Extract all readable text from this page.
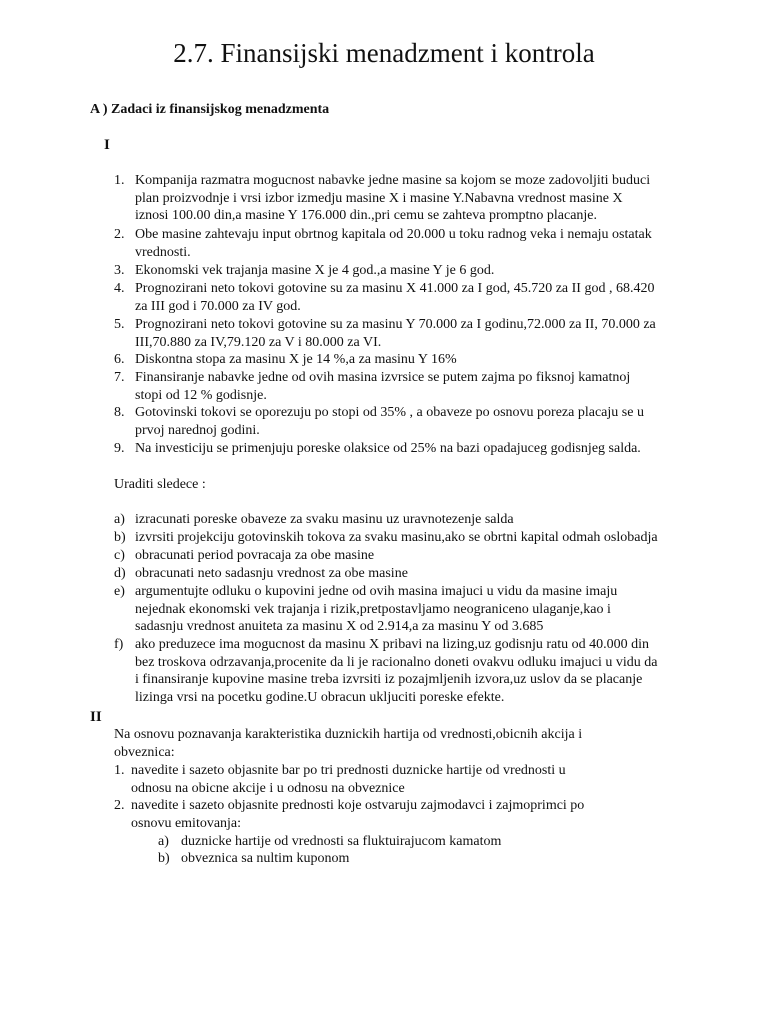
2.7. Finansijski menadzment i kontrola
A ) Zadaci iz finansijskog menadzmenta
I
1. Kompanija razmatra mogucnost nabavke jedne masine sa kojom se moze zadovoljiti buduci
plan proizvodnje i vrsi izbor izmedju masine X i masine Y.Nabavna vrednost masine X
iznosi 100.00 din,a masine Y 176.000 din.,pri cemu se zahteva promptno placanje.
2. Obe masine zahtevaju input obrtnog kapitala od 20.000 u toku radnog veka i nemaju ostatak
vrednosti.
3. Ekonomski vek trajanja masine X je 4 god.,a masine Y je 6 god.
4. Prognozirani neto tokovi gotovine su za masinu X 41.000 za I god, 45.720 za II god , 68.420
za III god i 70.000 za IV god.
5. Prognozirani neto tokovi gotovine su za masinu Y 70.000 za I godinu,72.000 za II, 70.000 za
III,70.880 za IV,79.120 za V i 80.000 za VI.
6. Diskontna stopa za masinu X je 14 %,a za masinu Y 16%
7. Finansiranje nabavke jedne od ovih masina izvrsice se putem zajma po fiksnoj kamatnoj
stopi od 12 % godisnje.
8. Gotovinski tokovi se oporezuju po stopi od 35% , a obaveze po osnovu poreza placaju se u
prvoj narednoj godini.
9. Na investiciju se primenjuju poreske olaksice od 25% na bazi opadajuceg godisnjeg salda.
Uraditi sledece :
a) izracunati poreske obaveze za svaku masinu uz uravnotezenje salda
b) izvrsiti projekciju gotovinskih tokova za svaku masinu,ako se obrtni kapital odmah oslobadja
c) obracunati period povracaja za obe masine
d) obracunati neto sadasnju vrednost za obe masine
e) argumentujte odluku o kupovini jedne od ovih masina imajuci u vidu da masine imaju
nejednak ekonomski vek trajanja i rizik,pretpostavljamo neograniceno ulaganje,kao i
sadasnju vrednost anuiteta za masinu X od 2.914,a za masinu Y od 3.685
f) ako preduzece ima mogucnost da masinu X pribavi na lizing,uz godisnju ratu od 40.000 din
bez troskova odrzavanja,procenite da li je racionalno doneti ovakvu odluku imajuci u vidu da
i finansiranje kupovine masine treba izvrsiti iz pozajmljenih izvora,uz uslov da se placanje
lizinga vrsi na pocetku godine.U obracun ukljuciti poreske efekte.
II
Na osnovu poznavanja karakteristika duznickih hartija od vrednosti,obicnih akcija i
obveznica:
1. navedite i sazeto objasnite bar po tri prednosti duznicke hartije od vrednosti u
odnosu na obicne akcije i u odnosu na obveznice
2. navedite i sazeto objasnite prednosti koje ostvaruju zajmodavci i zajmoprimci po
osnovu emitovanja:
a) duznicke hartije od vrednosti sa fluktuirajucom kamatom
b) obveznica sa nultim kuponom
